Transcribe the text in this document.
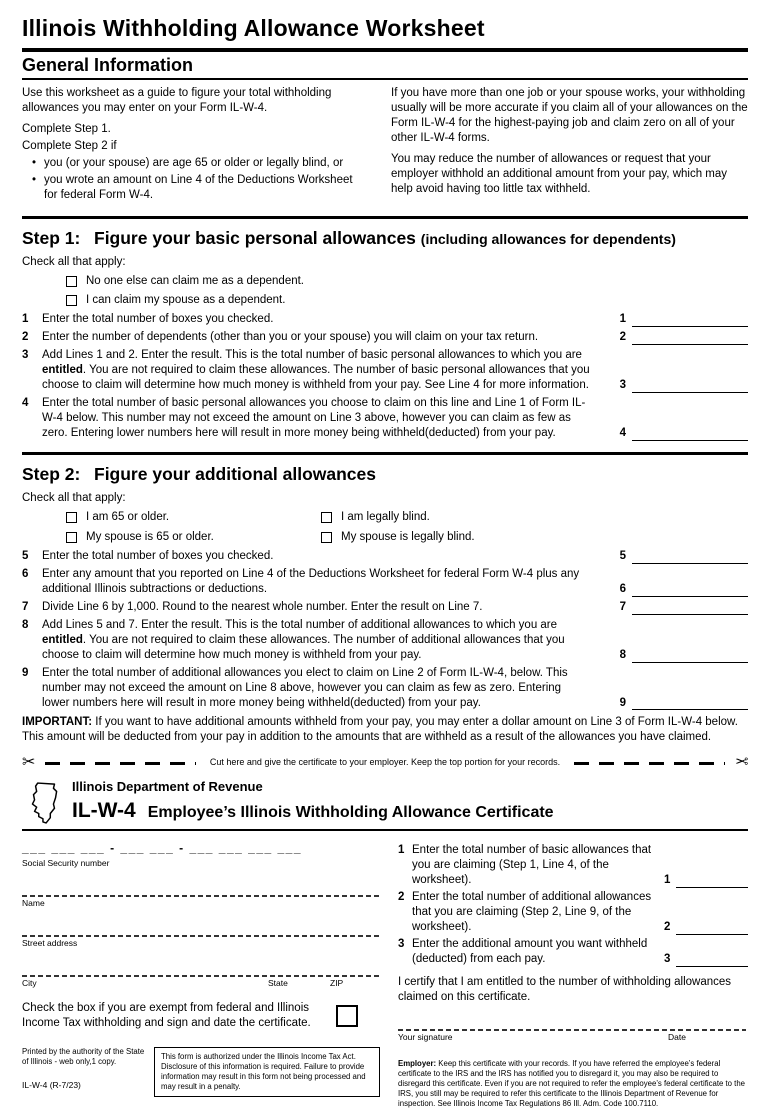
Illinois Withholding Allowance Worksheet
General Information

Use this worksheet as a guide to figure your total withholding allowances you may enter on your Form IL-W-4.

Complete Step 1.
Complete Step 2 if
• you (or your spouse) are age 65 or older or legally blind, or
• you wrote an amount on Line 4 of the Deductions Worksheet for federal Form W-4.

If you have more than one job or your spouse works, your withholding usually will be more accurate if you claim all of your allowances on the Form IL-W-4 for the highest-paying job and claim zero on all of your other IL-W-4 forms.

You may reduce the number of allowances or request that your employer withhold an additional amount from your pay, which may help avoid having too little tax withheld.

Step 1: Figure your basic personal allowances (including allowances for dependents)
Check all that apply:
No one else can claim me as a dependent.
I can claim my spouse as a dependent.
1	Enter the total number of boxes you checked.	1
2	Enter the number of dependents (other than you or your spouse) you will claim on your tax return.	2
3	Add Lines 1 and 2. Enter the result. This is the total number of basic personal allowances to which you are entitled. You are not required to claim these allowances. The number of basic personal allowances that you choose to claim will determine how much money is withheld from your pay. See Line 4 for more information.	3
4	Enter the total number of basic personal allowances you choose to claim on this line and Line 1 of Form IL-W-4 below. This number may not exceed the amount on Line 3 above, however you can claim as few as zero. Entering lower numbers here will result in more money being withheld(deducted) from your pay.	4
Step 2: Figure your additional allowances
Check all that apply:
I am 65 or older.	I am legally blind.
My spouse is 65 or older.	My spouse is legally blind.
5	Enter the total number of boxes you checked.	5
6	Enter any amount that you reported on Line 4 of the Deductions Worksheet for federal Form W-4 plus any additional Illinois subtractions or deductions.	6
7	Divide Line 6 by 1,000. Round to the nearest whole number. Enter the result on Line 7.	7
8	Add Lines 5 and 7. Enter the result. This is the total number of additional allowances to which you are entitled. You are not required to claim these allowances. The number of additional allowances that you choose to claim will determine how much money is withheld from your pay.	8
9	Enter the total number of additional allowances you elect to claim on Line 2 of Form IL-W-4, below. This number may not exceed the amount on Line 8 above, however you can claim as few as zero. Entering lower numbers here will result in more money being withheld(deducted) from your pay.	9

IMPORTANT: If you want to have additional amounts withheld from your pay, you may enter a dollar amount on Line 3 of Form IL-W-4 below. This amount will be deducted from your pay in addition to the amounts that are withheld as a result of the allowances you have claimed.

✂	Cut here and give the certificate to your employer. Keep the top portion for your records.	✂
Illinois Department of Revenue
IL-W-4 Employee’s Illinois Withholding Allowance Certificate
___ ___ ___ - ___ ___ - ___ ___ ___ ___
Social Security number
Name
Street address
City	State	ZIP
Check the box if you are exempt from federal and Illinois Income Tax withholding and sign and date the certificate.
Printed by the authority of the State of Illinois - web only,1 copy.
IL-W-4 (R-7/23)
This form is authorized under the Illinois Income Tax Act. Disclosure of this information is required. Failure to provide information may result in this form not being processed and may result in a penalty.
1 Enter the total number of basic allowances that you are claiming (Step 1, Line 4, of the worksheet).	1
2 Enter the total number of additional allowances that you are claiming (Step 2, Line 9, of the worksheet).	2
3 Enter the additional amount you want withheld (deducted) from each pay.	3
I certify that I am entitled to the number of withholding allowances claimed on this certificate.
Your signature	Date
Employer: Keep this certificate with your records. If you have referred the employee’s federal certificate to the IRS and the IRS has notified you to disregard it, you may also be required to disregard this certificate. Even if you are not required to refer the employee’s federal certificate to the IRS, you still may be required to refer this certificate to the Illinois Department of Revenue for inspection. See Illinois Income Tax Regulations 86 Ill. Adm. Code 100.7110.
